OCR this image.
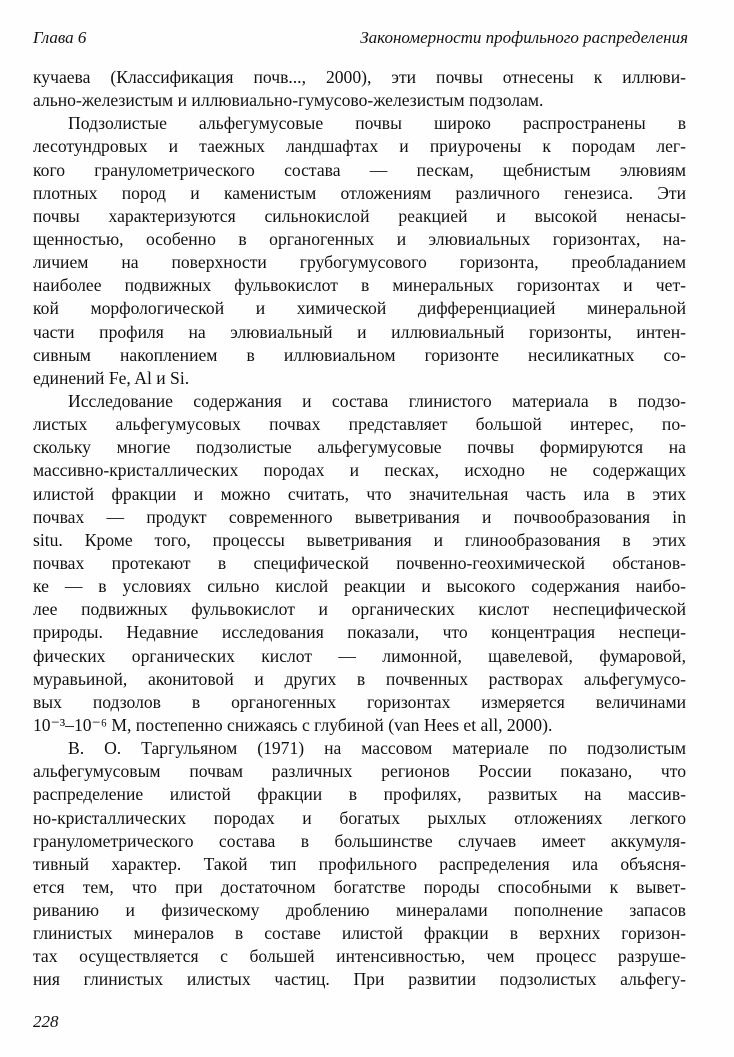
Глава 6	Закономерности профильного распределения
кучаева (Классификация почв..., 2000), эти почвы отнесены к иллюви-
ально-железистым и иллювиально-гумусово-железистым подзолам.
Подзолистые альфегумусовые почвы широко распространены в
лесотундровых и таежных ландшафтах и приурочены к породам лег-
кого гранулометрического состава — пескам, щебнистым элювиям
плотных пород и каменистым отложениям различного генезиса. Эти
почвы характеризуются сильнокислой реакцией и высокой ненасы-
щенностью, особенно в органогенных и элювиальных горизонтах, на-
личием на поверхности грубогумусового горизонта, преобладанием
наиболее подвижных фульвокислот в минеральных горизонтах и чет-
кой морфологической и химической дифференциацией минеральной
части профиля на элювиальный и иллювиальный горизонты, интен-
сивным накоплением в иллювиальном горизонте несиликатных со-
единений Fe, Al и Si.
Исследование содержания и состава глинистого материала в подзо-
листых альфегумусовых почвах представляет большой интерес, по-
скольку многие подзолистые альфегумусовые почвы формируются на
массивно-кристаллических породах и песках, исходно не содержащих
илистой фракции и можно считать, что значительная часть ила в этих
почвах — продукт современного выветривания и почвообразования in
situ. Кроме того, процессы выветривания и глинообразования в этих
почвах протекают в специфической почвенно-геохимической обстанов-
ке — в условиях сильно кислой реакции и высокого содержания наибо-
лее подвижных фульвокислот и органических кислот неспецифической
природы. Недавние исследования показали, что концентрация неспеци-
фических органических кислот — лимонной, щавелевой, фумаровой,
муравьиной, аконитовой и других в почвенных растворах альфегумусо-
вых подзолов в органогенных горизонтах измеряется величинами
10⁻³–10⁻⁶ М, постепенно снижаясь с глубиной (van Hees et all, 2000).
В. О. Таргульяном (1971) на массовом материале по подзолистым
альфегумусовым почвам различных регионов России показано, что
распределение илистой фракции в профилях, развитых на массив-
но-кристаллических породах и богатых рыхлых отложениях легкого
гранулометрического состава в большинстве случаев имеет аккумуля-
тивный характер. Такой тип профильного распределения ила объясня-
ется тем, что при достаточном богатстве породы способными к вывет-
риванию и физическому дроблению минералами пополнение запасов
глинистых минералов в составе илистой фракции в верхних горизон-
тах осуществляется с большей интенсивностью, чем процесс разруше-
ния глинистых илистых частиц. При развитии подзолистых альфегу-
228
